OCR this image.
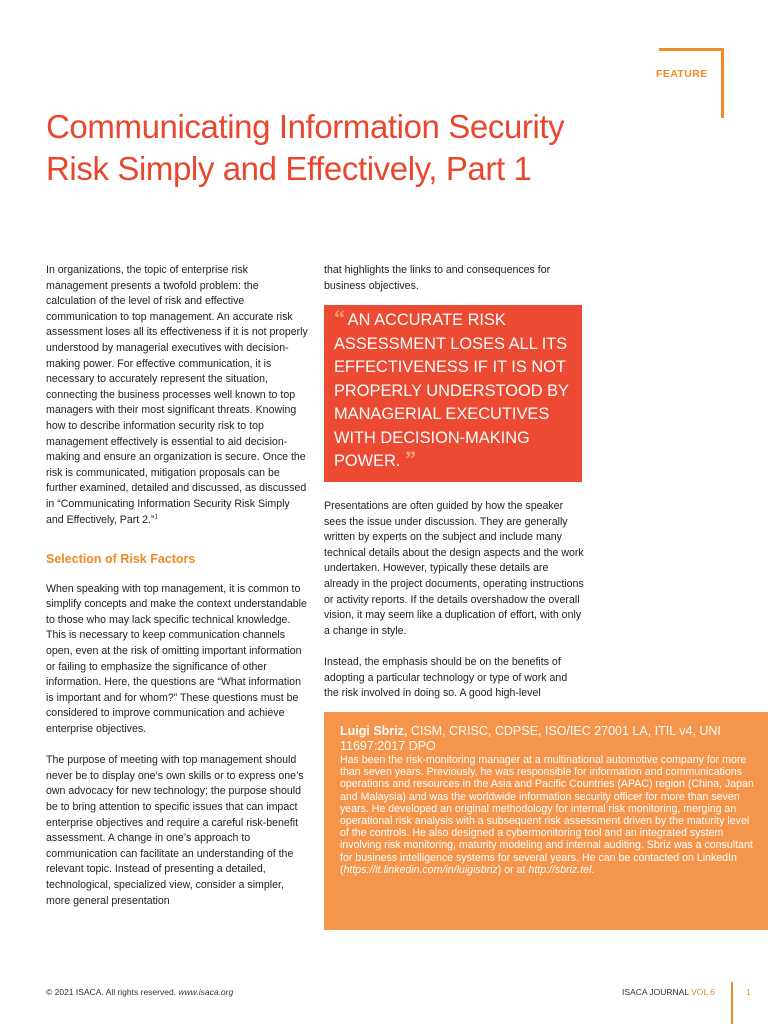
FEATURE
Communicating Information Security Risk Simply and Effectively, Part 1

In organizations, the topic of enterprise risk management presents a twofold problem: the calculation of the level of risk and effective communication to top management. An accurate risk assessment loses all its effectiveness if it is not properly understood by managerial executives with decision-making power. For effective communication, it is necessary to accurately represent the situation, connecting the business processes well known to top managers with their most significant threats. Knowing how to describe information security risk to top management effectively is essential to aid decision-making and ensure an organization is secure. Once the risk is communicated, mitigation proposals can be further examined, detailed and discussed, as discussed in “Communicating Information Security Risk Simply and Effectively, Part 2.”$^1$

Selection of Risk Factors

When speaking with top management, it is common to simplify concepts and make the context understandable to those who may lack specific technical knowledge. This is necessary to keep communication channels open, even at the risk of omitting important information or failing to emphasize the significance of other information. Here, the questions are “What information is important and for whom?” These questions must be considered to improve communication and achieve enterprise objectives.

The purpose of meeting with top management should never be to display one’s own skills or to express one’s own advocacy for new technology; the purpose should be to bring attention to specific issues that can impact enterprise objectives and require a careful risk-benefit assessment. A change in one’s approach to communication can facilitate an understanding of the relevant topic. Instead of presenting a detailed, technological, specialized view, consider a simpler, more general presentation

that highlights the links to and consequences for business objectives.

“ AN ACCURATE RISK ASSESSMENT LOSES ALL ITS EFFECTIVENESS IF IT IS NOT PROPERLY UNDERSTOOD BY MANAGERIAL EXECUTIVES WITH DECISION-MAKING POWER. ”

Presentations are often guided by how the speaker sees the issue under discussion. They are generally written by experts on the subject and include many technical details about the design aspects and the work undertaken. However, typically these details are already in the project documents, operating instructions or activity reports. If the details overshadow the overall vision, it may seem like a duplication of effort, with only a change in style.

Instead, the emphasis should be on the benefits of adopting a particular technology or type of work and the risk involved in doing so. A good high-level

Luigi Sbriz, CISM, CRISC, CDPSE, ISO/IEC 27001 LA, ITIL v4, UNI 11697:2017 DPO
Has been the risk-monitoring manager at a multinational automotive company for more than seven years. Previously, he was responsible for information and communications operations and resources in the Asia and Pacific Countries (APAC) region (China, Japan and Malaysia) and was the worldwide information security officer for more than seven years. He developed an original methodology for internal risk monitoring, merging an operational risk analysis with a subsequent risk assessment driven by the maturity level of the controls. He also designed a cybermonitoring tool and an integrated system involving risk monitoring, maturity modeling and internal auditing. Sbriz was a consultant for business intelligence systems for several years. He can be contacted on LinkedIn (https://it.linkedin.com/in/luigisbriz) or at http://sbriz.tel.
© 2021 ISACA. All rights reserved. www.isaca.org	ISACA JOURNAL VOL 6	1
